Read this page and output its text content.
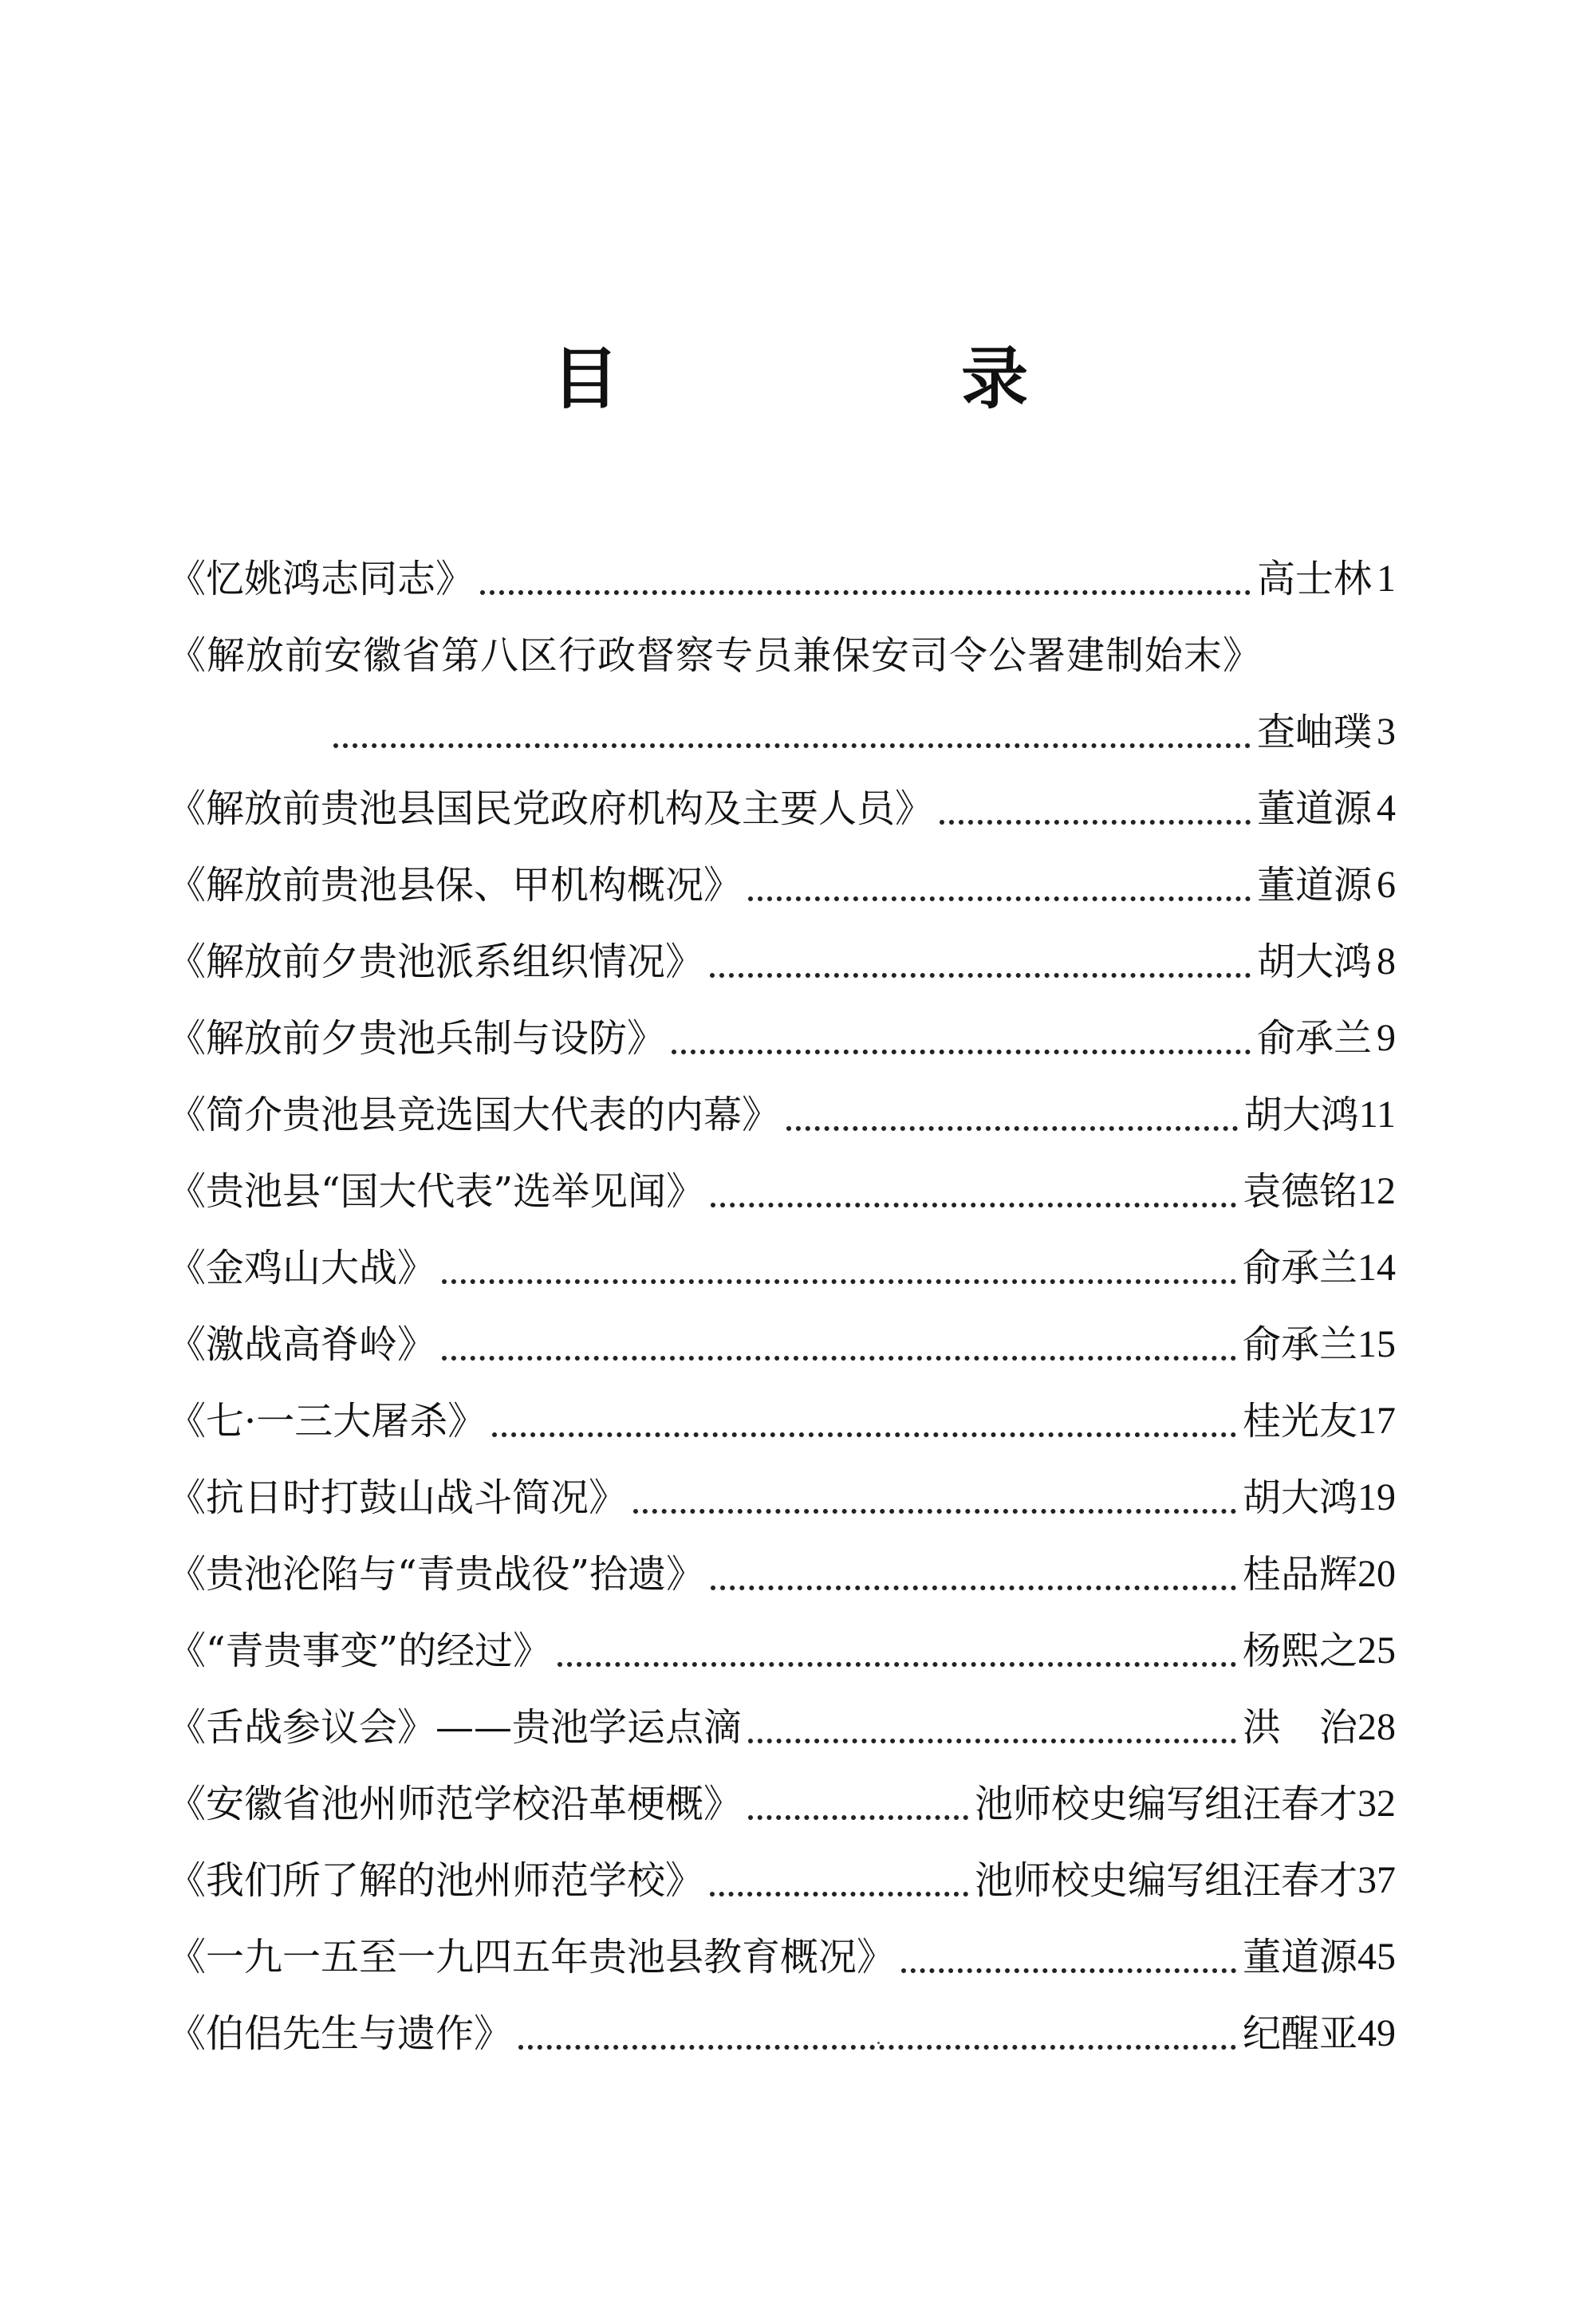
目 录
《忆姚鸿志同志》	高士林 1
《解放前安徽省第八区行政督察专员兼保安司令公署建制始末》
查岫璞 3
《解放前贵池县国民党政府机构及主要人员》	董道源 4
《解放前贵池县保、甲机构概况》	董道源 6
《解放前夕贵池派系组织情况》	胡大鸿 8
《解放前夕贵池兵制与设防》	俞承兰 9
《简介贵池县竞选国大代表的内幕》	胡大鸿 11
《贵池县“国大代表”选举见闻》	袁德铭 12
《金鸡山大战》	俞承兰 14
《激战高脊岭》	俞承兰 15
《七·一三大屠杀》	桂光友 17
《抗日时打鼓山战斗简况》	胡大鸿 19
《贵池沦陷与“青贵战役”拾遗》	桂品辉 20
《“青贵事变”的经过》	杨熙之 25
《舌战参议会》——贵池学运点滴	洪　治 28
《安徽省池州师范学校沿革梗概》	池师校史编写组汪春才 32
《我们所了解的池州师范学校》	池师校史编写组汪春才 37
《一九一五至一九四五年贵池县教育概况》	董道源 45
《伯侣先生与遗作》	纪醒亚 49
